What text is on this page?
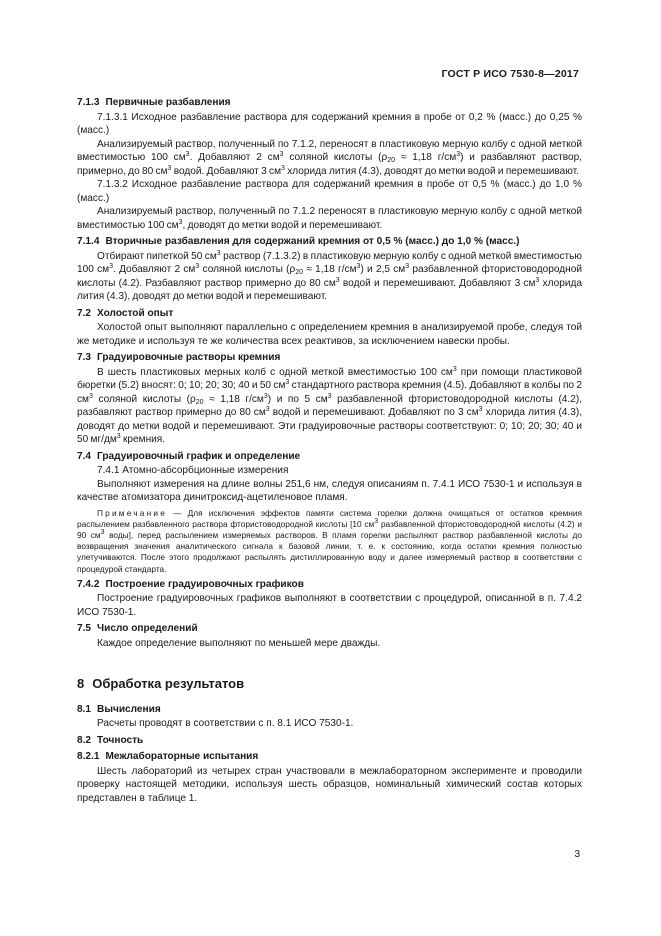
ГОСТ Р ИСО 7530-8—2017

7.1.3 Первичные разбавления

7.1.3.1 Исходное разбавление раствора для содержаний кремния в пробе от 0,2 % (масс.) до 0,25 % (масс.)

Анализируемый раствор, полученный по 7.1.2, переносят в пластиковую мерную колбу с одной меткой вместимостью 100 $см^3$. Добавляют 2 $см^3$ соляной кислоты ($\rho_{20} \approx 1,18$ $г/см^3$) и разбавляют раствор, примерно, до 80 $см^3$ водой. Добавляют 3 $см^3$ хлорида лития (4.3), доводят до метки водой и перемешивают.

7.1.3.2 Исходное разбавление раствора для содержаний кремния в пробе от 0,5 % (масс.) до 1,0 % (масс.)

Анализируемый раствор, полученный по 7.1.2 переносят в пластиковую мерную колбу с одной меткой вместимостью 100 $см^3$, доводят до метки водой и перемешивают.

7.1.4 Вторичные разбавления для содержаний кремния от 0,5 % (масс.) до 1,0 % (масс.)

Отбирают пипеткой 50 $см^3$ раствор (7.1.3.2) в пластиковую мерную колбу с одной меткой вместимостью 100 $см^3$. Добавляют 2 $см^3$ соляной кислоты ($\rho_{20} \approx 1,18$ $г/см^3$) и 2,5 $см^3$ разбавленной фтористоводородной кислоты (4.2). Разбавляют раствор примерно до 80 $см^3$ водой и перемешивают. Добавляют 3 $см^3$ хлорида лития (4.3), доводят до метки водой и перемешивают.

7.2 Холостой опыт

Холостой опыт выполняют параллельно с определением кремния в анализируемой пробе, следуя той же методике и используя те же количества всех реактивов, за исключением навески пробы.

7.3 Градуировочные растворы кремния

В шесть пластиковых мерных колб с одной меткой вместимостью 100 $см^3$ при помощи пластиковой бюретки (5.2) вносят: 0; 10; 20; 30; 40 и 50 $см^3$ стандартного раствора кремния (4.5). Добавляют в колбы по 2 $см^3$ соляной кислоты ($\rho_{20} \approx 1,18$ $г/см^3$) и по 5 $см^3$ разбавленной фтористоводородной кислоты (4.2), разбавляют раствор примерно до 80 $см^3$ водой и перемешивают. Добавляют по 3 $см^3$ хлорида лития (4.3), доводят до метки водой и перемешивают. Эти градуировочные растворы соответствуют: 0; 10; 20; 30; 40 и 50 $мг/дм^3$ кремния.

7.4 Градуировочный график и определение

7.4.1 Атомно-абсорбционные измерения

Выполняют измерения на длине волны 251,6 нм, следуя описаниям п. 7.4.1 ИСО 7530-1 и используя в качестве атомизатора динитроксид-ацетиленовое пламя.

Примечание — Для исключения эффектов памяти система горелки должна очищаться от остатков кремния распылением разбавленного раствора фтористоводородной кислоты [10 $см^3$ разбавленной фтористоводородной кислоты (4.2) и 90 $см^3$ воды], перед распылением измеряемых растворов. В пламя горелки распыляют раствор разбавленной кислоты до возвращения значения аналитического сигнала к базовой линии, т. е. к состоянию, когда остатки кремния полностью улетучиваются. После этого продолжают распылять дистиллированную воду и далее измеряемый раствор в соответствии с процедурой стандарта.

7.4.2 Построение градуировочных графиков

Построение градуировочных графиков выполняют в соответствии с процедурой, описанной в п. 7.4.2 ИСО 7530-1.

7.5 Число определений

Каждое определение выполняют по меньшей мере дважды.

8 Обработка результатов

8.1 Вычисления

Расчеты проводят в соответствии с п. 8.1 ИСО 7530-1.

8.2 Точность

8.2.1 Межлабораторные испытания

Шесть лабораторий из четырех стран участвовали в межлабораторном эксперименте и проводили проверку настоящей методики, используя шесть образцов, номинальный химический состав которых представлен в таблице 1.

3
